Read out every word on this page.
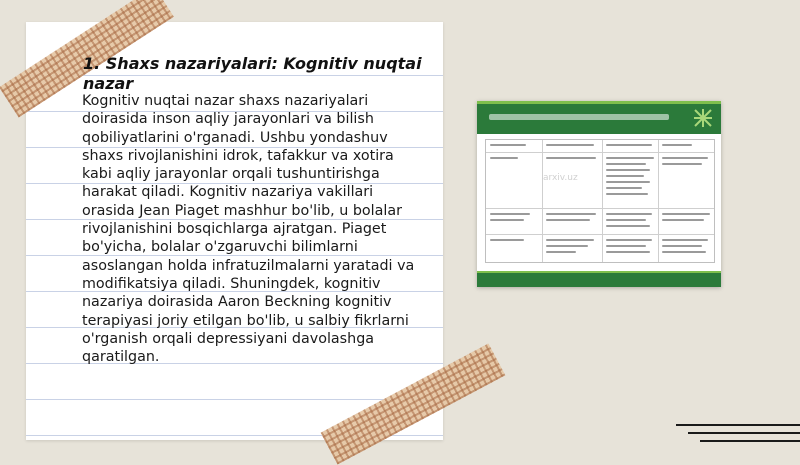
1. Shaxs nazariyalari: Kognitiv nuqtai nazar

Kognitiv nuqtai nazar shaxs nazariyalari doirasida inson aqliy jarayonlari va bilish qobiliyatlarini o'rganadi. Ushbu yondashuv shaxs rivojlanishini idrok, tafakkur va xotira kabi aqliy jarayonlar orqali tushuntirishga harakat qiladi. Kognitiv nazariya vakillari orasida Jean Piaget mashhur bo'lib, u bolalar rivojlanishini bosqichlarga ajratgan. Piaget bo'yicha, bolalar o'zgaruvchi bilimlarni asoslangan holda infratuzilmalarni yaratadi va modifikatsiya qiladi. Shuningdek, kognitiv nazariya doirasida Aaron Beckning kognitiv terapiyasi joriy etilgan bo'lib, u salbiy fikrlarni o'rganish orqali depressiyani davolashga qaratilgan.

arxiv.uz
